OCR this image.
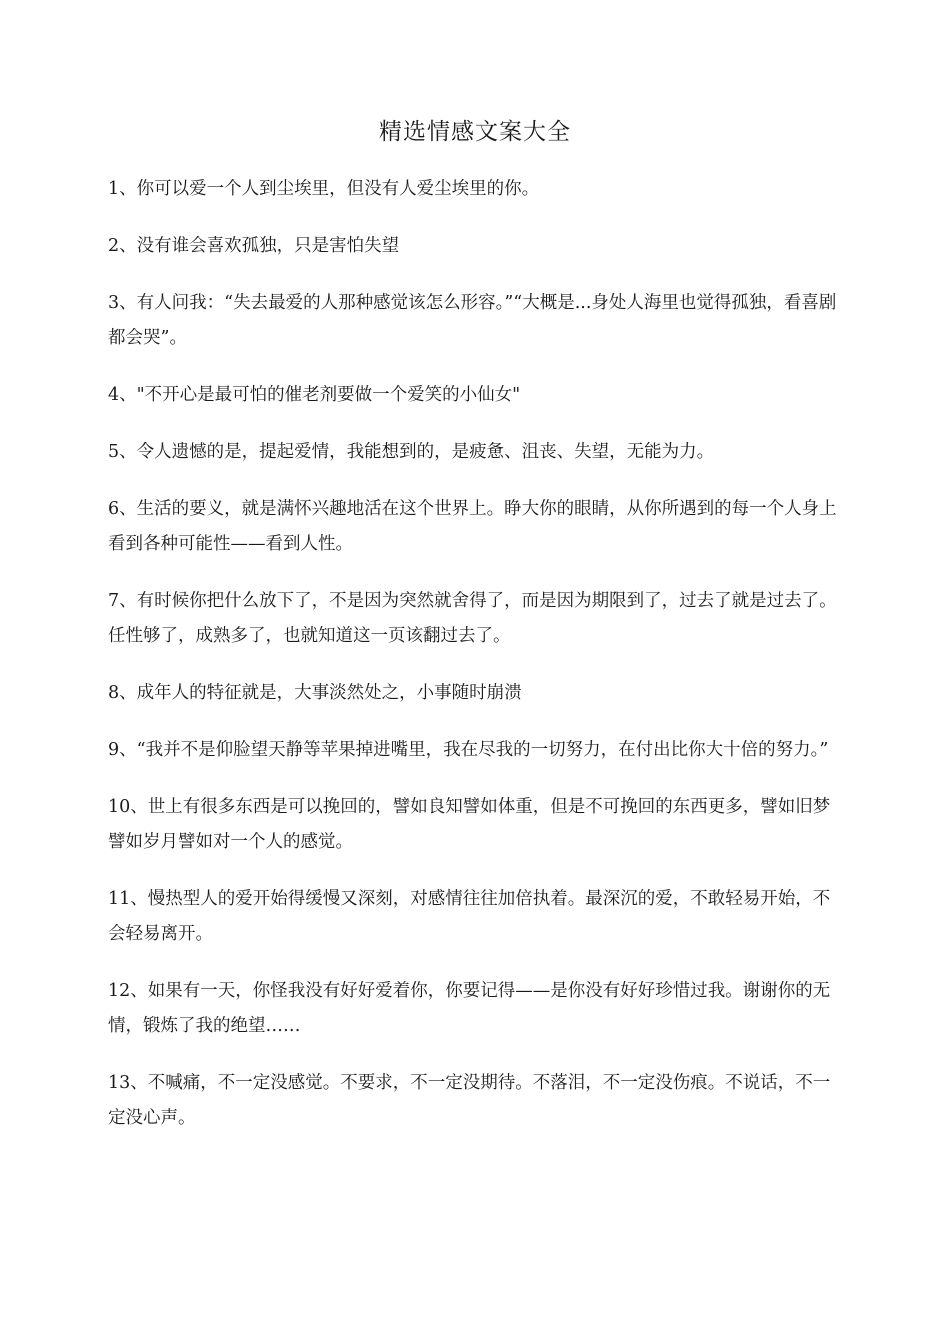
精选情感文案大全
1、你可以爱一个人到尘埃里，但没有人爱尘埃里的你。
2、没有谁会喜欢孤独，只是害怕失望
3、有人问我：“失去最爱的人那种感觉该怎么形容。”“大概是...身处人海里也觉得孤独，看喜剧都会哭”。
4、"不开心是最可怕的催老剂要做一个爱笑的小仙女"
5、令人遗憾的是，提起爱情，我能想到的，是疲惫、沮丧、失望，无能为力。
6、生活的要义，就是满怀兴趣地活在这个世界上。睁大你的眼睛，从你所遇到的每一个人身上看到各种可能性——看到人性。
7、有时候你把什么放下了，不是因为突然就舍得了，而是因为期限到了，过去了就是过去了。任性够了，成熟多了，也就知道这一页该翻过去了。
8、成年人的特征就是，大事淡然处之，小事随时崩溃
9、“我并不是仰脸望天静等苹果掉进嘴里，我在尽我的一切努力，在付出比你大十倍的努力。”
10、世上有很多东西是可以挽回的，譬如良知譬如体重，但是不可挽回的东西更多，譬如旧梦譬如岁月譬如对一个人的感觉。
11、慢热型人的爱开始得缓慢又深刻，对感情往往加倍执着。最深沉的爱，不敢轻易开始，不会轻易离开。
12、如果有一天，你怪我没有好好爱着你，你要记得——是你没有好好珍惜过我。谢谢你的无情，锻炼了我的绝望……
13、不喊痛，不一定没感觉。不要求，不一定没期待。不落泪，不一定没伤痕。不说话，不一定没心声。
